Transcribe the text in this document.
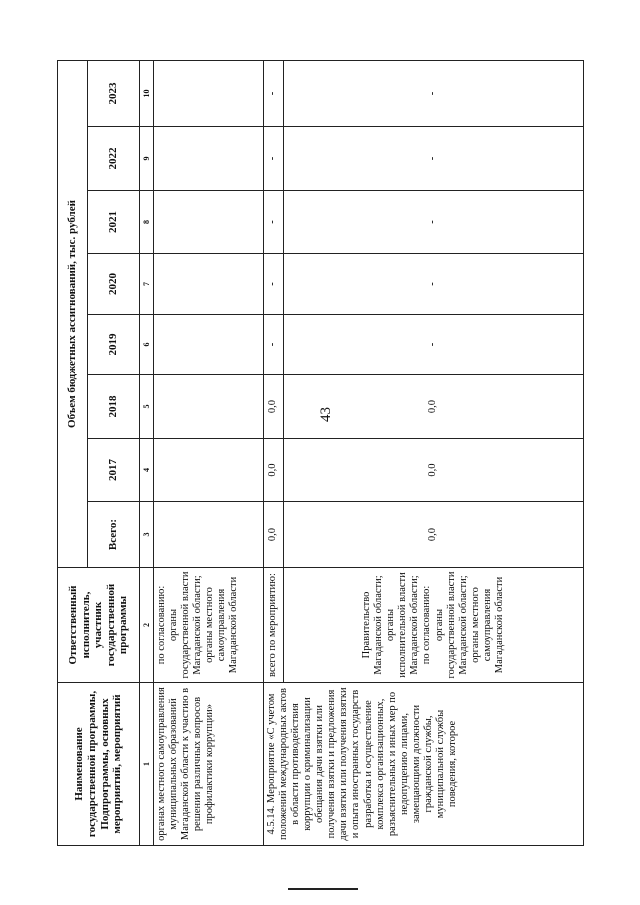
43
Наименование государственной программы, Подпрограммы, основных мероприятий, мероприятий	Ответственный исполнитель, участник государственной программы	Объем бюджетных ассигнований, тыс. рублей							
		Всего:	2017	2018	2019	2020	2021	2022	2023
1	2	3	4	5	6	7	8	9	10
органах местного самоуправления муниципальных образований Магаданской области к участию в решении различных вопросов профилактики коррупции»	по согласованию: органы государственной власти Магаданской области; органы местного самоуправления Магаданской области								
4.5.14. Мероприятие «С учетом положений международных актов в области противодействия коррупции о криминализации обещания дачи взятки или получения взятки и предложения дачи взятки или получения взятки и опыта иностранных государств разработка и осуществление комплекса организационных, разъяснительных и иных мер по недопущению лицами, замещающими должности гражданской службы, муниципальной службы поведения, которое	всего по мероприятию:	0,0	0,0	0,0	-	-	-	-	-
	Правительство Магаданской области; органы исполнительной власти Магаданской области; по согласованию: органы государственной власти Магаданской области; органы местного самоуправления Магаданской области	0,0	0,0	0,0	-	-	-	-	-
